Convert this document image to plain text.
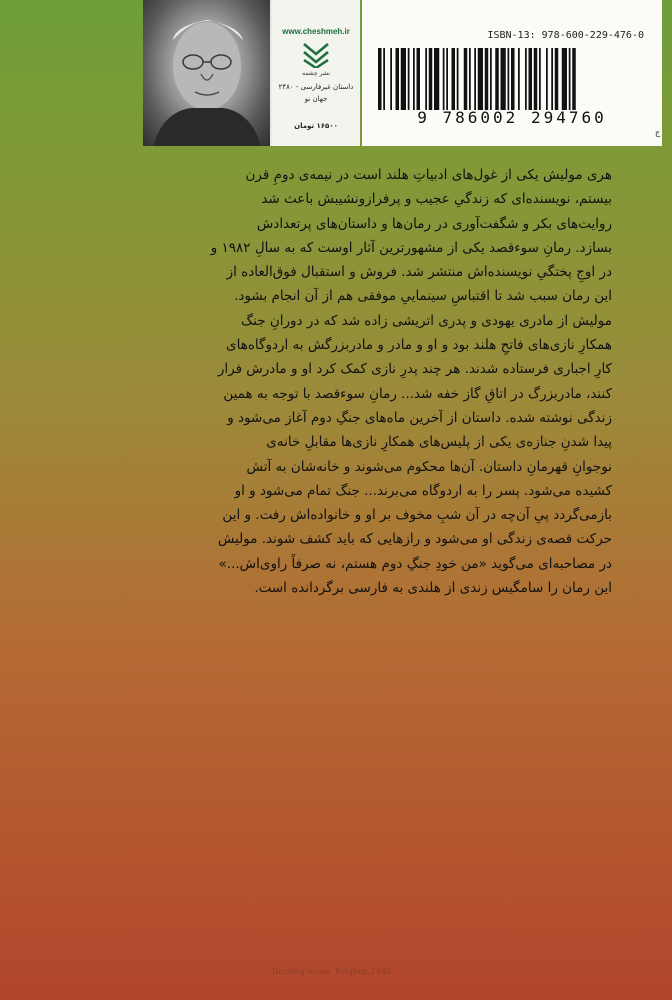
www.cheshmeh.ir
نشر چشمه
داستان غیرفارسی - ۲۴۸۰
جهان نو
۱۶۵۰۰ تومان
ISBN-13: 978-600-229-476-0
9 786002 294760
ج

هری مولیش یکی از غول‌های ادبیاتِ هلند است در نیمه‌ی دومِ قرن

بیستم، نویسنده‌ای که زندگیِ عجیب و پرفرازونشیبش باعث شد

روایت‌های بکر و شگفت‌آوری در رمان‌ها و داستان‌های پرتعدادش

بسازد. رمانِ سوءقصد یکی از مشهورترین آثار اوست که به سالِ ۱۹۸۲ و

در اوجِ پختگیِ نویسنده‌اش منتشر شد. فروش و استقبال فوق‌العاده از

این رمان سبب شد تا اقتباسِ سینماییِ موفقی هم از آن انجام بشود.

مولیش از مادری یهودی و پدری اتریشی زاده شد که در دورانِ جنگ

همکارِ نازی‌های فاتحِ هلند بود و او و مادر و مادربزرگش به اردوگاه‌های

کارِ اجباری فرستاده شدند. هر چند پدرِ نازی کمک کرد او و مادرش فرار

کنند، مادربزرگ در اتاقِ گاز خفه شد... رمانِ سوءقصد با توجه به همین

زندگی نوشته شده. داستان از آخرین ماه‌های جنگِ دوم آغاز می‌شود و

پیدا شدنِ جنازه‌ی یکی از پلیس‌های همکارِ نازی‌ها مقابلِ خانه‌ی

نوجوانِ قهرمانِ داستان. آن‌ها محکوم می‌شوند و خانه‌شان به آتش

کشیده می‌شود. پسر را به اردوگاه می‌برند... جنگ تمام می‌شود و او

بازمی‌گردد پیِ آن‌چه در آن شبِ مخوف بر او و خانواده‌اش رفت. و این

حرکت قصه‌ی زندگی او می‌شود و رازهایی که باید کشف شوند. مولیش

در مصاحبه‌ای می‌گوید «من خودِ جنگِ دوم هستم، نه صرفاً راوی‌اش...»

این رمان را سامگیس زندی از هلندی به فارسی برگردانده است.

Burning home, Belgium,1945.
